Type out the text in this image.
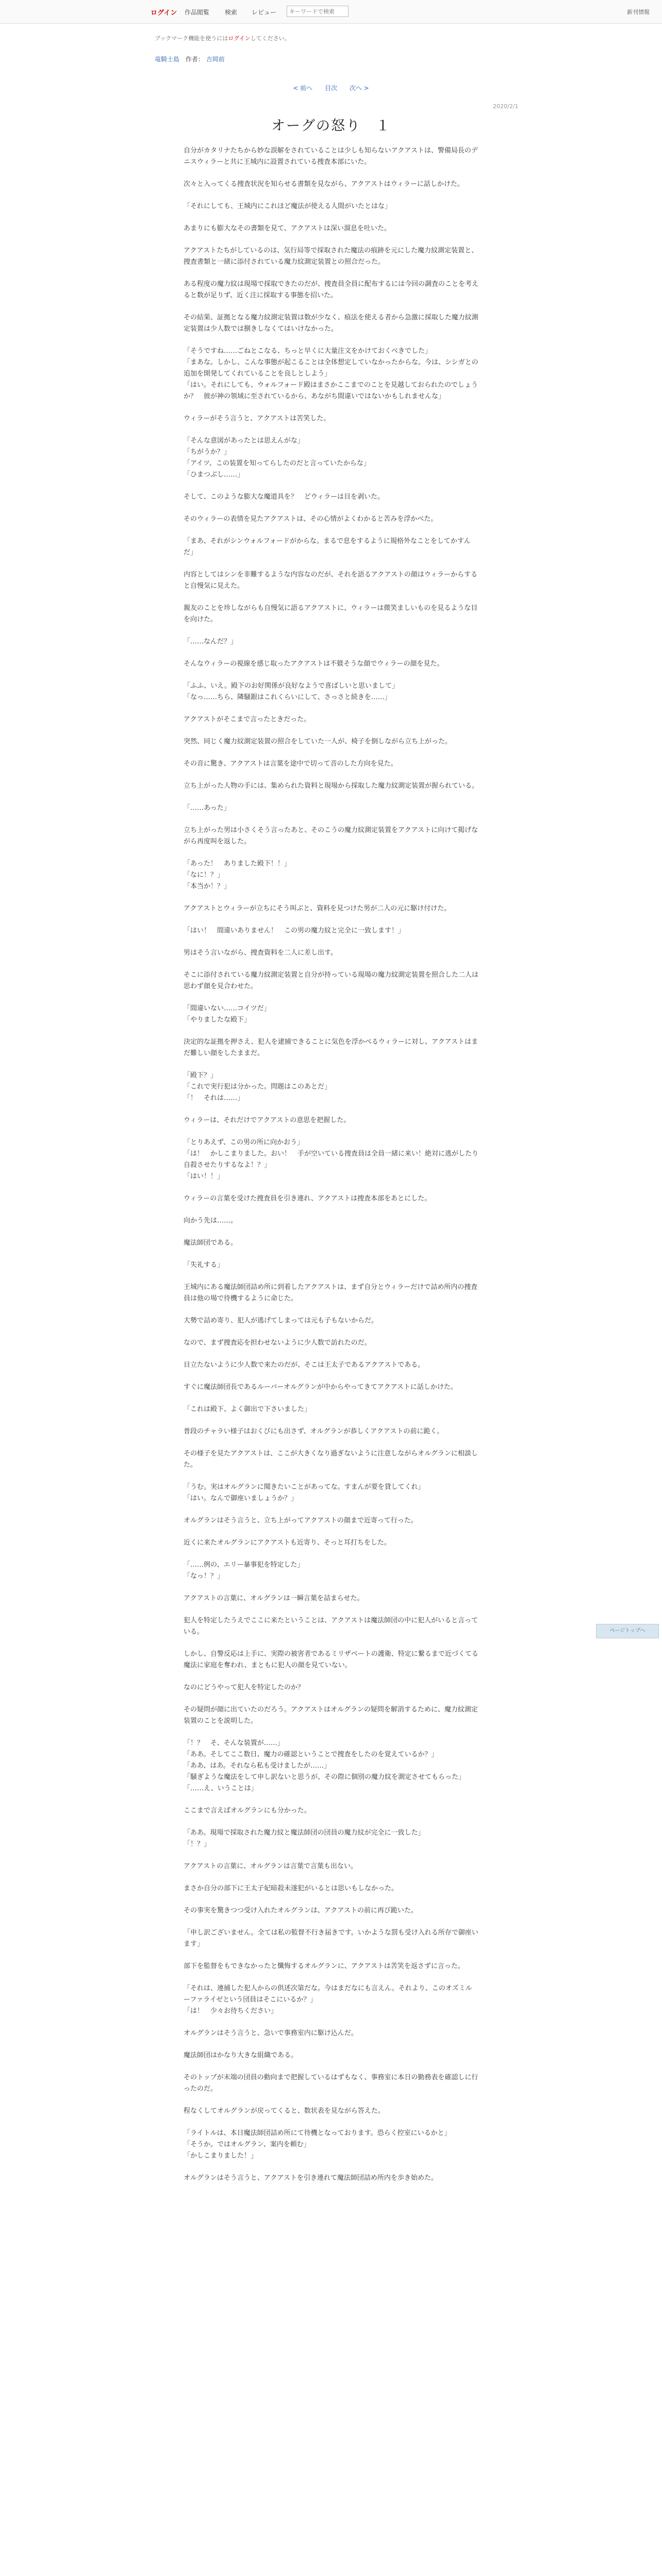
ログイン 作品閲覧 検索 レビュー
キーワードで検索	新刊情報
ブックマーク機能を使うにはログインしてください。
竜騎士島 作者： 吉岡前
< 前へ 目次 次へ >
2020/2/1
オーグの怒り　１

自分がカタリナたちから妙な誤解をされていることは少しも知らないアクアストは、警備局長のデニスウィラーと共に王城内に設置されている捜査本部にいた。

次々と入ってくる捜査状況を知らせる書類を見ながら、アクアストはウィラーに話しかけた。

「それにしても、王城内にこれほど魔法が使える人間がいたとはな」

あまりにも膨大なその書類を見て、アクアストは深い溜息を吐いた。

アクアストたちがしているのは、気行局等で採取された魔法の痕跡を元にした魔力紋測定装置と、捜査書類と一緒に添付されている魔力紋測定装置との照合だった。

ある程度の魔力紋は現場で採取できたのだが、捜査員全員に配布するには今回の調査のことを考えると数が足りず、近く注に採取する事態を招いた。

その結果、証拠となる魔力紋測定装置は数が少なく、痕法を使える者から急激に採取した魔力紋測定装置は少人数では捌きしなくてはいけなかった。

「そうですね……ごねとこなる、ちっと早くに大量注文をかけておくべきでした」
「まあな。しかし、こんな事態が起こることは全体想定していなかったからな。今は、シシガとの追加を開発してくれていることを良しとしよう」
「はい。それにしても、ウォルフォード殿はまさかここまでのことを見越しておられたのでしょうか？　彼が神の領域に至されているから、あながち間違いではないかもしれませんな」

ウィラーがそう言うと、アクアストは苦笑した。

「そんな意図があったとは思えんがな」
「ちがうか？」
「アイツ、この装置を知ってらしたのだと言っていたからな」
「ひまつぶし……」

そして、このような膨大な魔道具を？　どウィラーは目を剥いた。

そのウィラーの表情を見たアクアストは、その心情がよくわかると苦みを浮かべた。

「まあ、それがシンウォルフォードがからな。まるで息をするように規格外なことをしてかすんだ」

内容としてはシンを非難するような内容なのだが、それを語るアクアストの顔はウィラーからすると自慢気に見えた。

親友のことを珍しながらも自慢気に語るアクアストに、ウィラーは微笑ましいものを見るような目を向けた。

「……なんだ？」

そんなウィラーの視線を感じ取ったアクアストは不躾そうな顔でウィラーの顔を見た。

「ふふ、いえ。殿下のお好関係が良好なようで喜ばしいと思いまして」
「なっ……ちら、隣騒銀はこれくらいにして、さっさと続きを……」

アクアストがそこまで言ったときだった。

突然、同じく魔力紋測定装置の照合をしていた一人が、椅子を倒しながら立ち上がった。

その音に驚き、アクアストは言葉を途中で切って音のした方向を見た。

立ち上がった人物の手には、集められた資料と現場から採取した魔力紋測定装置が握られている。

「……あった」

立ち上がった男は小さくそう言ったあと、そのこうの魔力紋測定装置をアクアストに向けて掲げながら再度叫を返した。

「あった！　ありました殿下！！」
「なに！？」
「本当か！？」

アクアストとウィラーが立ちにそう叫ぶと、資料を見つけた男が二人の元に駆け付けた。

「はい！　間違いありません！　この男の魔力紋と完全に一致します！」

男はそう言いながら、捜査資料を二人に差し出す。

そこに添付されている魔力紋測定装置と自分が持っている現場の魔力紋測定装置を照合した二人は思わず顔を見合わせた。

「間違いない……コイツだ」
「やりましたな殿下」

決定的な証拠を押さえ、犯人を逮捕できることに気色を浮かべるウィラーに対し、アクアストはまだ難しい顔をしたままだ。

「殿下？」
「これで実行犯は分かった。問題はこのあとだ」
「！　それは……」

ウィラーは、それだけでアクアストの意思を把握した。

「とりあえず、この男の所に向かおう」
「は！　かしこまりました。おい！　手が空いている捜査員は全員一緒に来い！絶対に逃がしたり自殺させたりするなよ！？」
「はい！！」

ウィラーの言葉を受けた捜査員を引き連れ、アクアストは捜査本部をあとにした。

向かう先は……。

魔法師団である。

「失礼する」

王城内にある魔法師団詰め所に到着したアクアストは、まず自分とウィラーだけで詰め所内の捜査員は他の場で待機するように命じた。

大勢で詰め寄り、犯人が逃げてしまっては元も子もないからだ。

なので、まず捜査応を担わせないように少人数で訪れたのだ。

目立たないように少人数で来たのだが、そこは王太子であるアクアストである。

すぐに魔法師団長であるルーパーオルグランが中からやってきてアクアストに話しかけた。

「これは殿下、よく御出で下さいました」

普段のチャラい様子はおくびにも出さず、オルグランが恭しくアクアストの前に跪く。

その様子を見たアクアストは、ここが大きくなり過ぎないように注意しながらオルグランに相談した。

「うむ。実はオルグランに聞きたいことがあってな。すまんが要を貸してくれ」
「はい。なんで御座いましょうか？」

オルグランはそう言うと、立ち上がってアクアストの顔まで近寄って行った。

近くに来たオルグランにアクアストも近寄り、そっと耳打ちをした。

「……例の、エリー暴事犯を特定した」
「なっ！？」

アクアストの言葉に、オルグランは一瞬言葉を詰まらせた。

犯人を特定したうえでここに来たということは、アクアストは魔法師団の中に犯人がいると言っている。

しかし、自警反応は上手に、実際の被害者であるミリザベートの護衛、特定に繋るまで近づくてる魔法に家庭を奪われ、まともに犯人の顔を見ていない。

なのにどうやって犯人を特定したのか？

その疑問が顔に出ていたのだろう。アクアストはオルグランの疑問を解消するために、魔力紋測定装置のことを説明した。

「！？　そ、そんな装置が……」
「ああ。そしてここ数日、魔力の確認ということで捜査をしたのを覚えているか？」
「ああ、はあ。それなら私も受けましたが……」
「騒ぎような魔法をして申し訳ないと思うが、その際に個別の魔力紋を測定させてもらった」
「……え、いうことは」

ここまで言えばオルグランにも分かった。

「ああ。現場で採取された魔力紋と魔法師団の団員の魔力紋が完全に一致した」
「！？」

アクアストの言葉に、オルグランは言葉で言葉も出ない。

まさか自分の部下に王太子妃暗殺未遂犯がいるとは思いもしなかった。

その事実を驚きつつ受け入れたオルグランは、アクアストの前に再び跪いた。

「申し訳ございません。全ては私の監督不行き届きです。いかような罰も受け入れる所存で御座います」

部下を監督をもできなかったと懺悔するオルグランに、アクアストは苦笑を返さずに言った。

「それは、連捕した犯人からの供述次第だな。今はまだなにも言えん。それより、このオズミルーファライゼという団員はそこにいるか？」
「は！　少々お待ちください」

オルグランはそう言うと、急いで事務室内に駆け込んだ。

魔法師団はかなり大きな組織である。

そのトップが末端の団員の動向まで把握しているはずもなく、事務室に本日の勤務表を確認しに行ったのだ。

程なくしてオルグランが戻ってくると、数状表を見ながら答えた。

「ライトルは、本日魔法師団詰め所にて待機となっております。恐らく控室にいるかと」
「そうか。ではオルグラン、案内を頼む」
「かしこまりました！」

オルグランはそう言うと、アクアストを引き連れて魔法師団詰め所内を歩き始めた。

ページトップへ
